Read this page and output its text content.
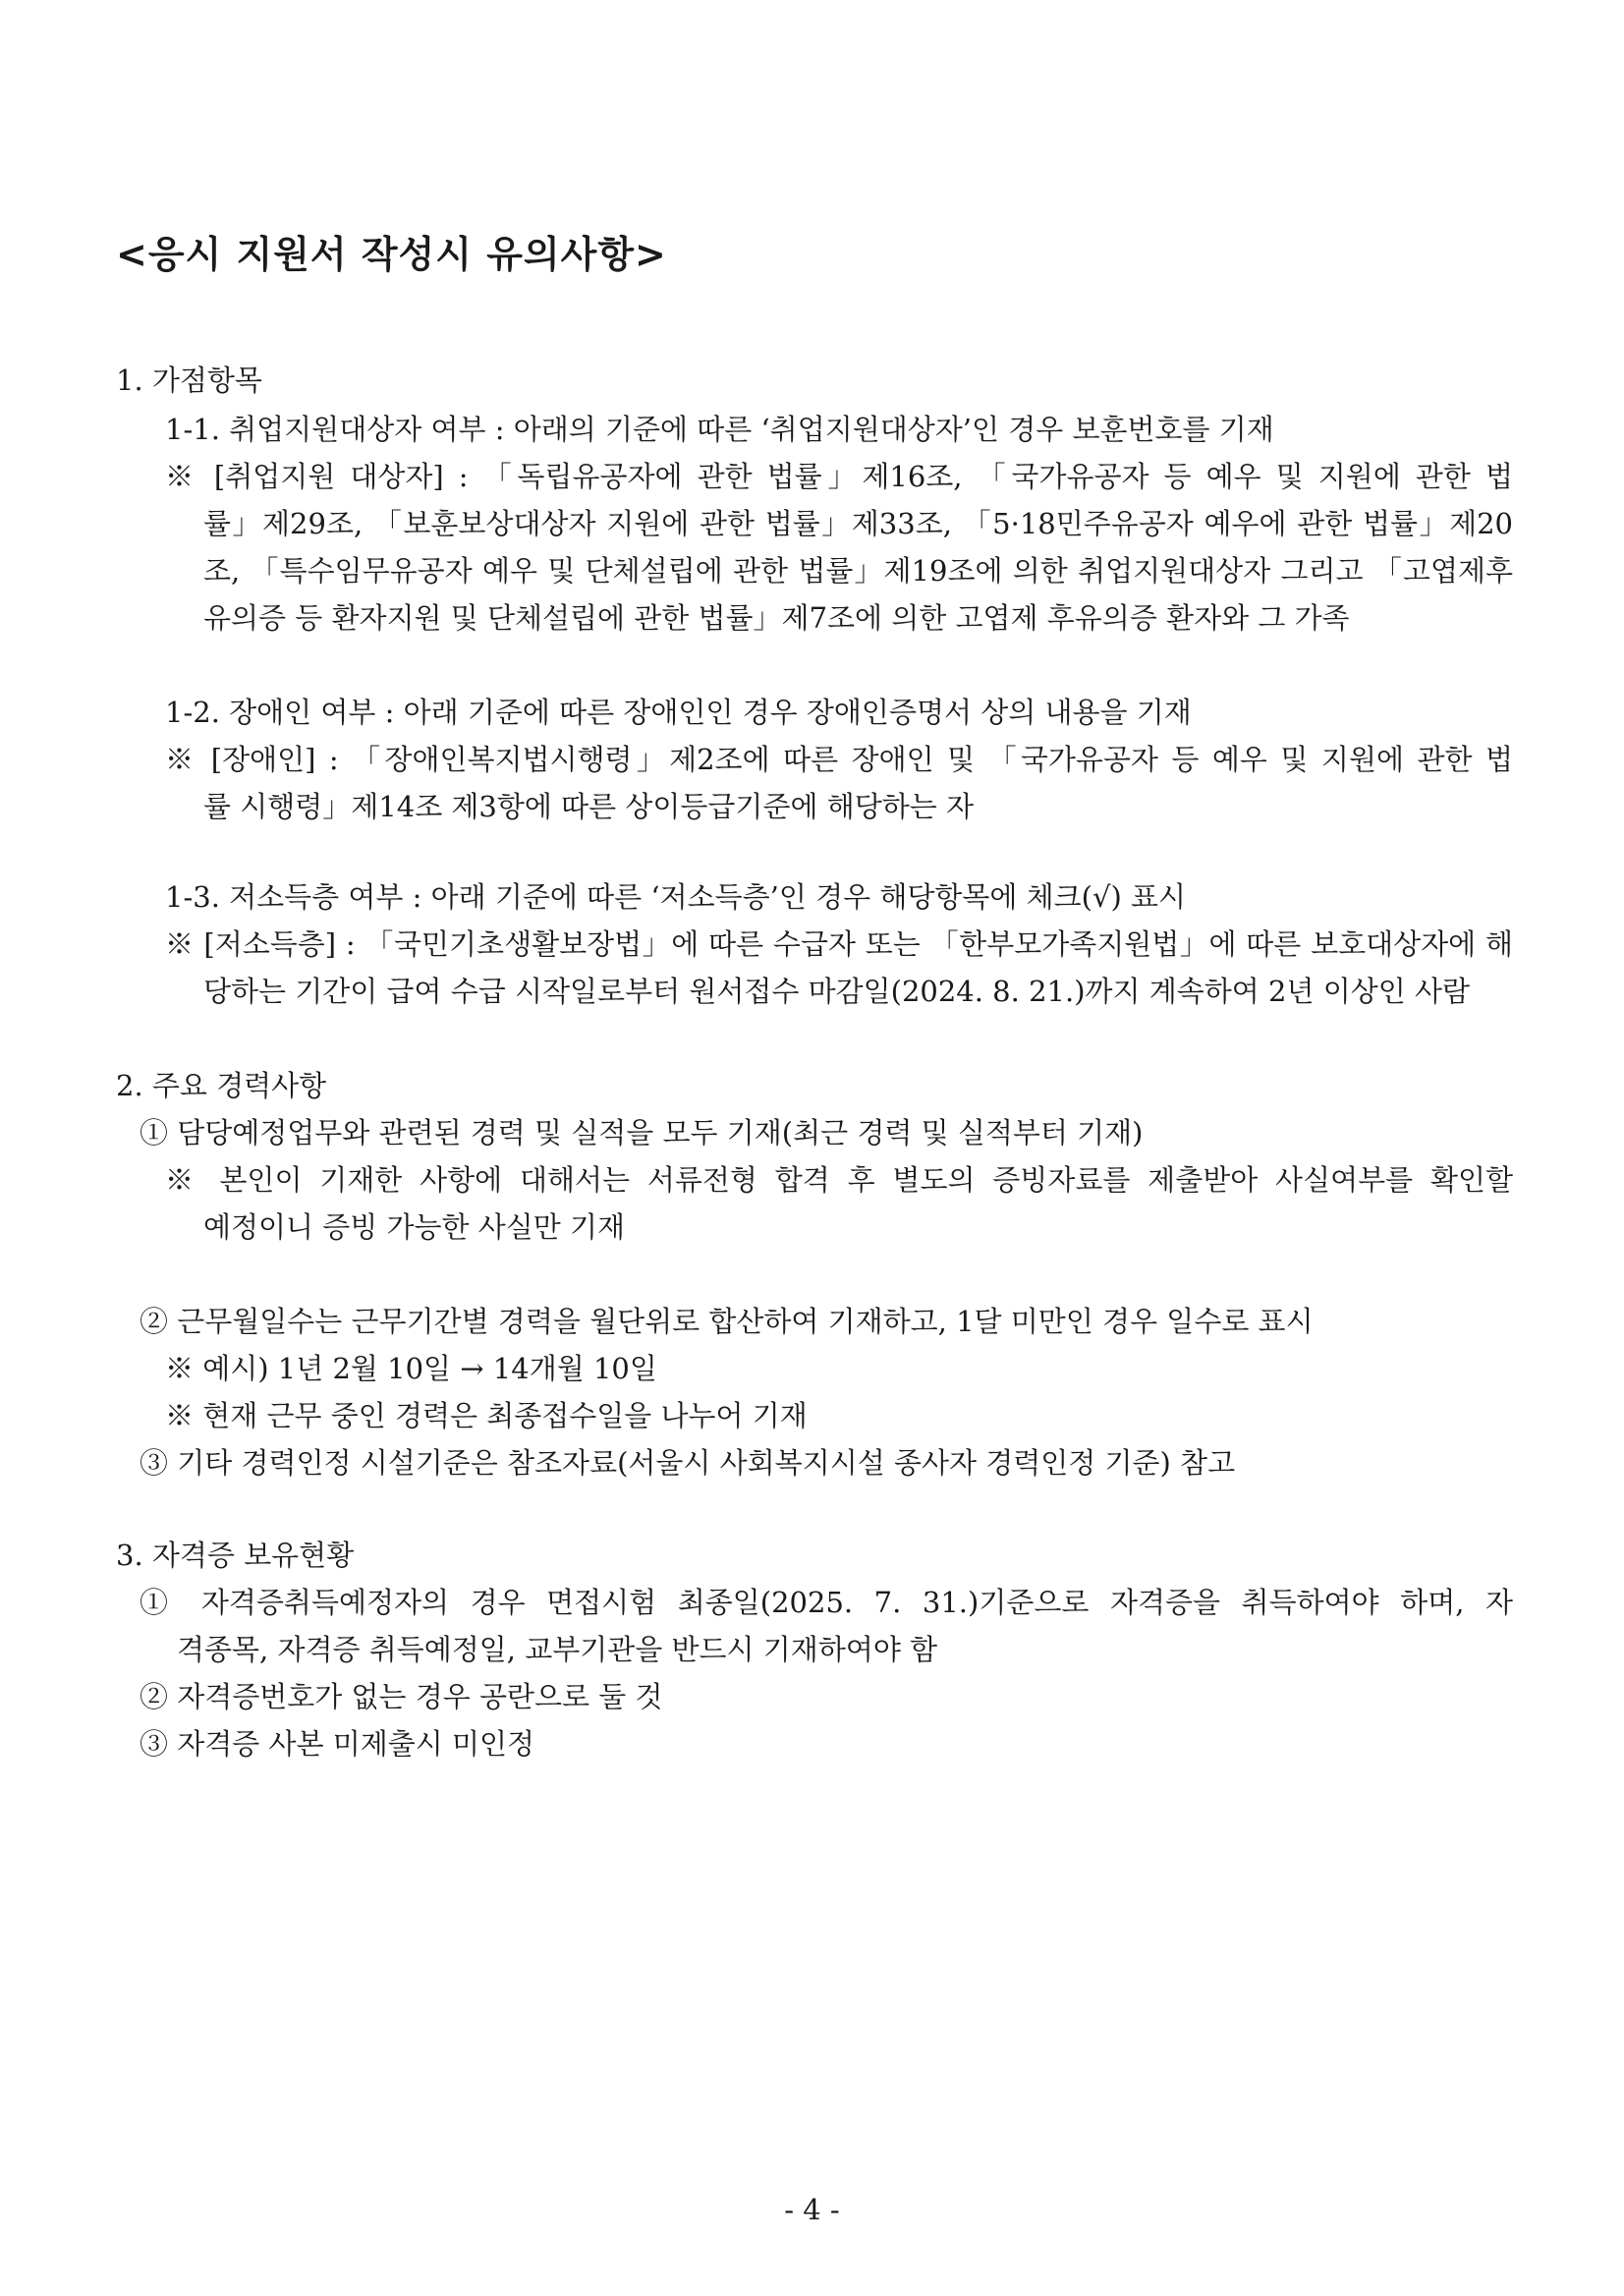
<응시 지원서 작성시 유의사항>
1. 가점항목
1-1. 취업지원대상자 여부 : 아래의 기준에 따른 ‘취업지원대상자’인 경우 보훈번호를 기재
※ [취업지원 대상자] : 「독립유공자에 관한 법률」제16조, 「국가유공자 등 예우 및 지원에 관한 법
률」제29조, 「보훈보상대상자 지원에 관한 법률」제33조, 「5·18민주유공자 예우에 관한 법률」제20
조, 「특수임무유공자 예우 및 단체설립에 관한 법률」제19조에 의한 취업지원대상자 그리고 「고엽제후
유의증 등 환자지원 및 단체설립에 관한 법률」제7조에 의한 고엽제 후유의증 환자와 그 가족
1-2. 장애인 여부 : 아래 기준에 따른 장애인인 경우 장애인증명서 상의 내용을 기재
※ [장애인] : 「장애인복지법시행령」제2조에 따른 장애인 및 「국가유공자 등 예우 및 지원에 관한 법
률 시행령」제14조 제3항에 따른 상이등급기준에 해당하는 자
1-3. 저소득층 여부 : 아래 기준에 따른 ‘저소득층’인 경우 해당항목에 체크(√) 표시
※ [저소득층] : 「국민기초생활보장법」에 따른 수급자 또는 「한부모가족지원법」에 따른 보호대상자에 해
당하는 기간이 급여 수급 시작일로부터 원서접수 마감일(2024. 8. 21.)까지 계속하여 2년 이상인 사람
2. 주요 경력사항
① 담당예정업무와 관련된 경력 및 실적을 모두 기재(최근 경력 및 실적부터 기재)
※ 본인이 기재한 사항에 대해서는 서류전형 합격 후 별도의 증빙자료를 제출받아 사실여부를 확인할
예정이니 증빙 가능한 사실만 기재
② 근무월일수는 근무기간별 경력을 월단위로 합산하여 기재하고, 1달 미만인 경우 일수로 표시
※ 예시) 1년 2월 10일 → 14개월 10일
※ 현재 근무 중인 경력은 최종접수일을 나누어 기재
③ 기타 경력인정 시설기준은 참조자료(서울시 사회복지시설 종사자 경력인정 기준) 참고
3. 자격증 보유현황
① 자격증취득예정자의 경우 면접시험 최종일(2025. 7. 31.)기준으로 자격증을 취득하여야 하며, 자
격종목, 자격증 취득예정일, 교부기관을 반드시 기재하여야 함
② 자격증번호가 없는 경우 공란으로 둘 것
③ 자격증 사본 미제출시 미인정
- 4 -
